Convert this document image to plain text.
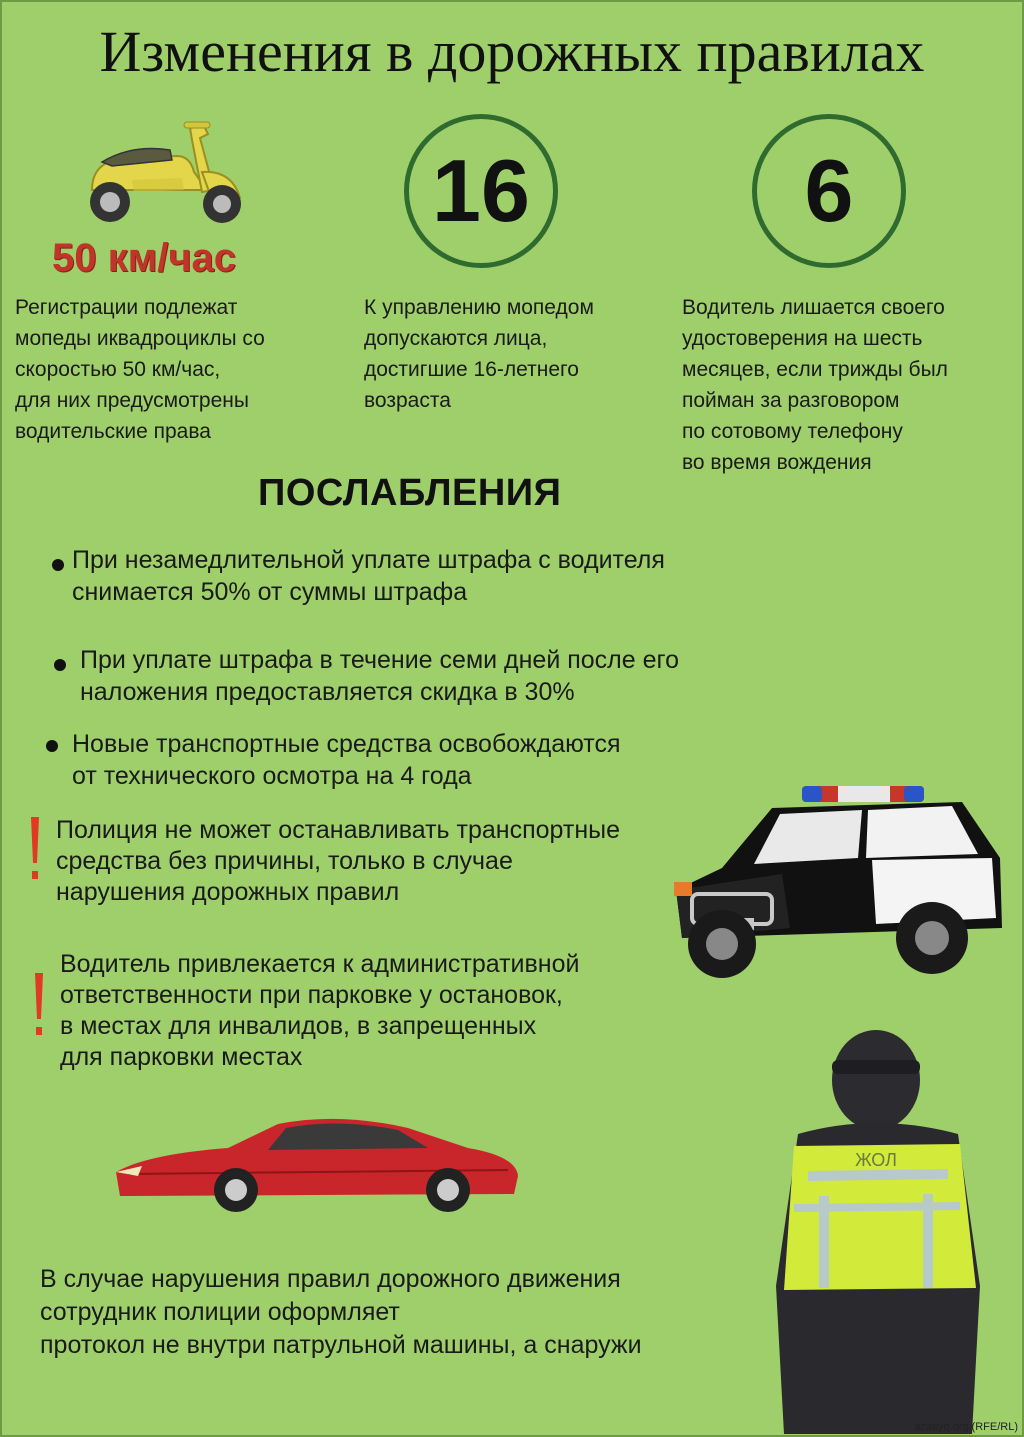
Изменения в дорожных правилах
50 км/час
16	6
Регистрации подлежат
мопеды иквадроциклы со
скоростью 50 км/час,
для них предусмотрены
водительские права
К управлению мопедом
допускаются лица,
достигшие 16-летнего
возраста
Водитель лишается своего
удостоверения на шесть
месяцев, если трижды был
пойман за разговором
по сотовому телефону
во время вождения
ПОСЛАБЛЕНИЯ
При незамедлительной уплате штрафа с водителя
снимается 50% от суммы штрафа
При уплате штрафа в течение семи дней после его
наложения предоставляется скидка в 30%
Новые транспортные средства освобождаются
от технического осмотра на 4 года
Полиция не может останавливать транспортные
средства без причины, только в случае
нарушения дорожных правил
Водитель привлекается к административной
ответственности при парковке у остановок,
в местах для инвалидов, в запрещенных
для парковки местах
ЖОЛ
В случае нарушения правил дорожного движения
сотрудник полиции оформляет
протокол не внутри патрульной машины, а снаружи
azattyq.org (RFE/RL)
